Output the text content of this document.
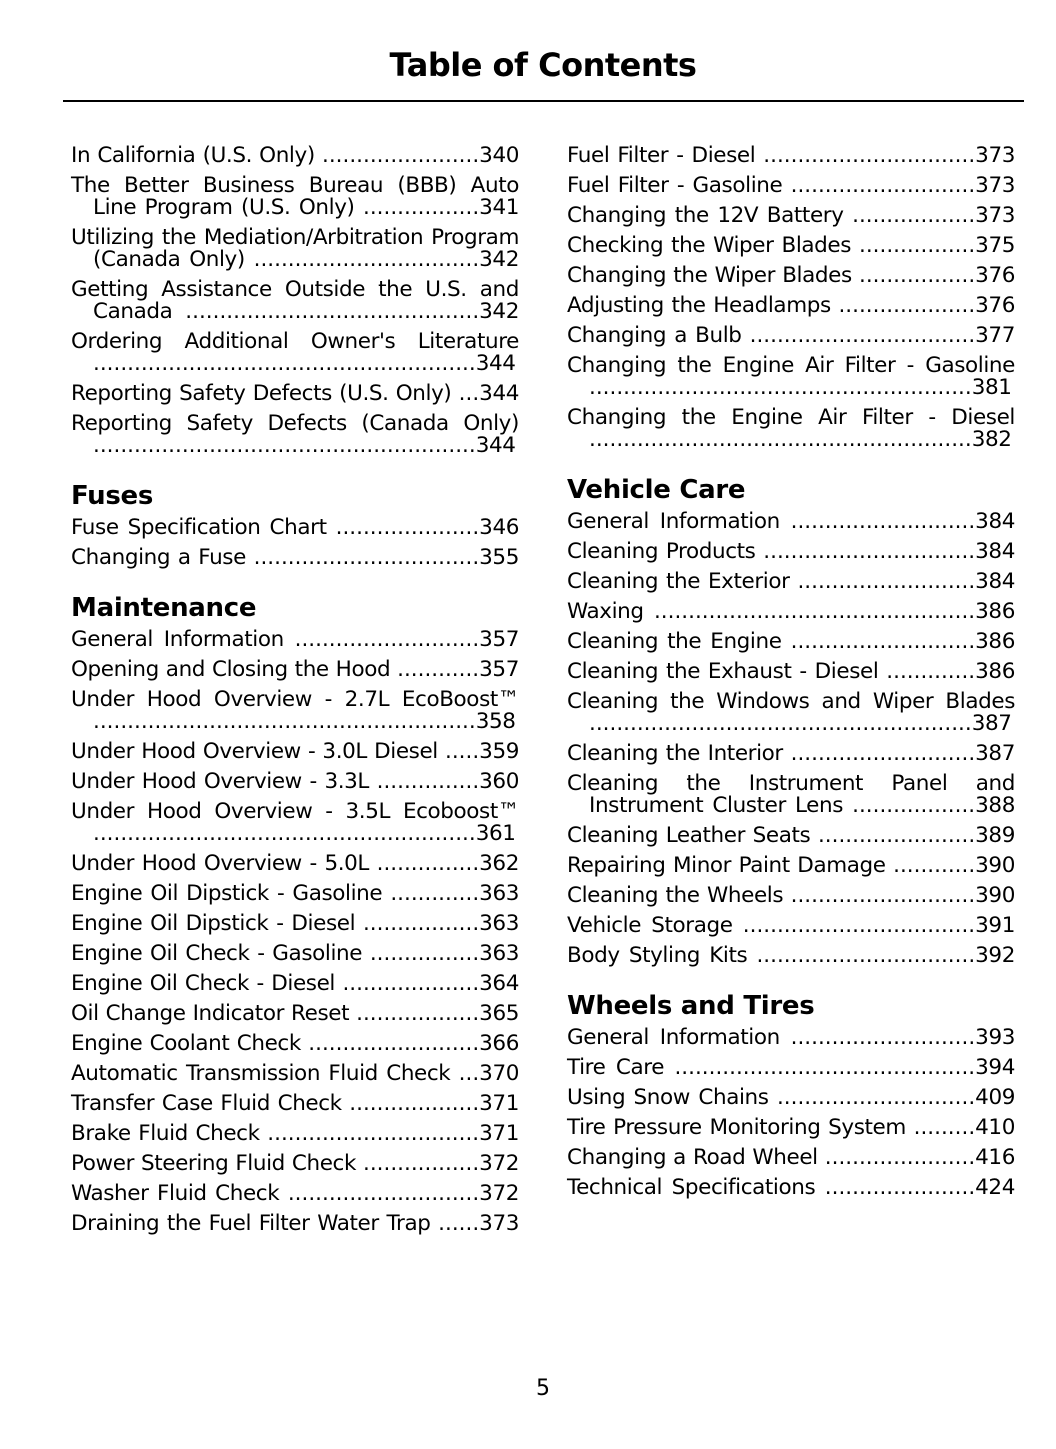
Table of Contents
In California (U.S. Only) .......................340
The Better Business Bureau (BBB) Auto Line Program (U.S. Only) .................341
Utilizing the Mediation/Arbitration Program (Canada Only) .................................342
Getting Assistance Outside the U.S. and Canada ...........................................342
Ordering Additional Owner's Literature
........................................................344
Reporting Safety Defects (U.S. Only) ...344
Reporting Safety Defects (Canada Only)
........................................................344
Fuses
Fuse Specification Chart .....................346
Changing a Fuse .................................355
Maintenance
General Information ...........................357
Opening and Closing the Hood ............357
Under Hood Overview - 2.7L EcoBoost™
........................................................358
Under Hood Overview - 3.0L Diesel .....359
Under Hood Overview - 3.3L ...............360
Under Hood Overview - 3.5L Ecoboost™
........................................................361
Under Hood Overview - 5.0L ...............362
Engine Oil Dipstick - Gasoline .............363
Engine Oil Dipstick - Diesel .................363
Engine Oil Check - Gasoline ................363
Engine Oil Check - Diesel ....................364
Oil Change Indicator Reset ..................365
Engine Coolant Check .........................366
Automatic Transmission Fluid Check ...370
Transfer Case Fluid Check ...................371
Brake Fluid Check ...............................371
Power Steering Fluid Check .................372
Washer Fluid Check ............................372
Draining the Fuel Filter Water Trap ......373
Fuel Filter - Diesel ...............................373
Fuel Filter - Gasoline ...........................373
Changing the 12V Battery ..................373
Checking the Wiper Blades .................375
Changing the Wiper Blades .................376
Adjusting the Headlamps ....................376
Changing a Bulb .................................377
Changing the Engine Air Filter - Gasoline
........................................................381
Changing the Engine Air Filter - Diesel
........................................................382
Vehicle Care
General Information ...........................384
Cleaning Products ...............................384
Cleaning the Exterior ..........................384
Waxing ...............................................386
Cleaning the Engine ...........................386
Cleaning the Exhaust - Diesel .............386
Cleaning the Windows and Wiper Blades
........................................................387
Cleaning the Interior ...........................387
Cleaning the Instrument Panel and Instrument Cluster Lens ..................388
Cleaning Leather Seats .......................389
Repairing Minor Paint Damage ............390
Cleaning the Wheels ...........................390
Vehicle Storage ..................................391
Body Styling Kits ................................392
Wheels and Tires
General Information ...........................393
Tire Care ............................................394
Using Snow Chains .............................409
Tire Pressure Monitoring System .........410
Changing a Road Wheel ......................416
Technical Specifications ......................424
5
